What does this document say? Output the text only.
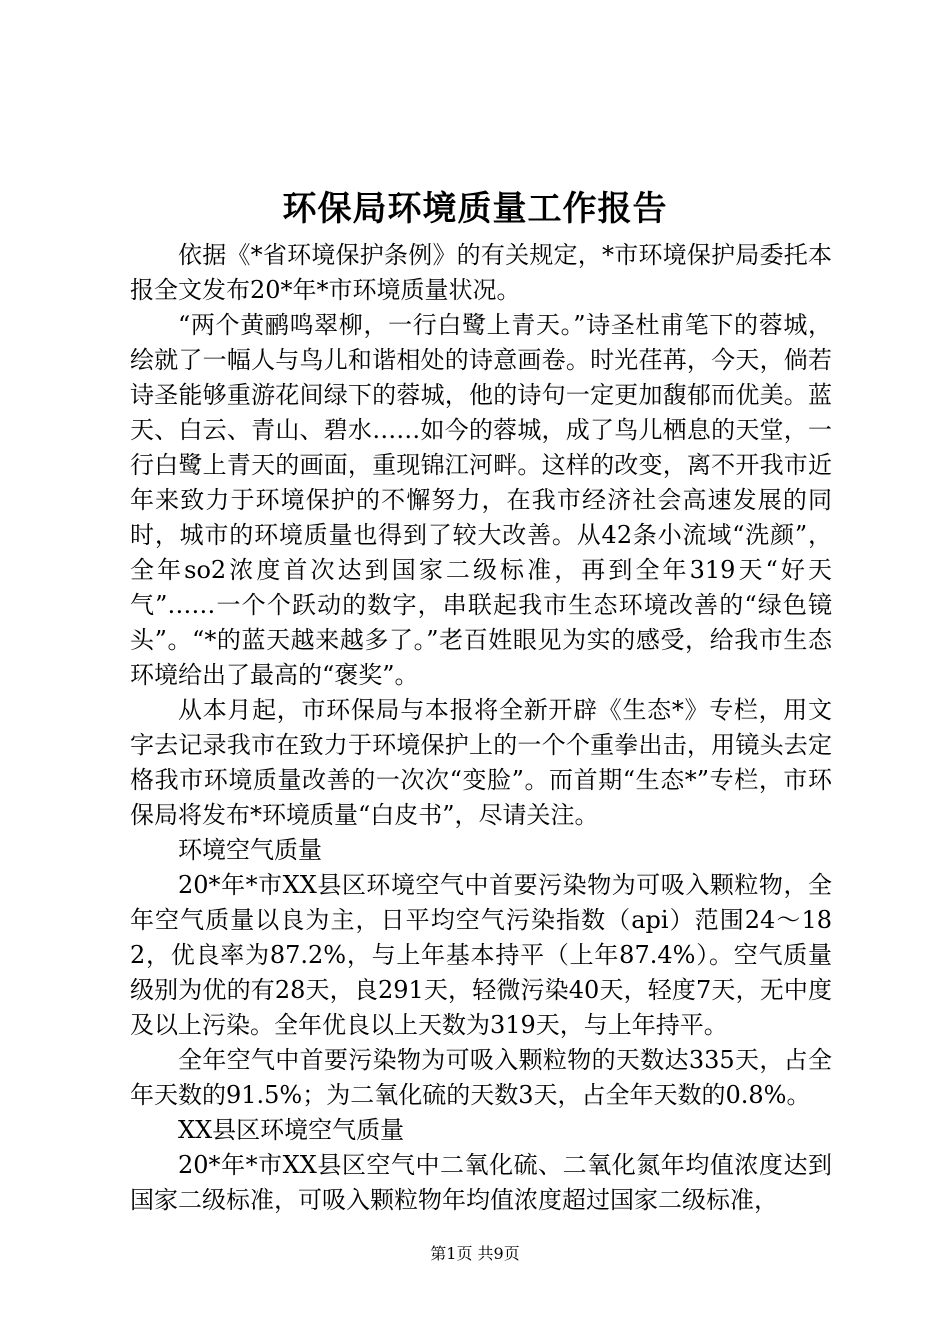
环保局环境质量工作报告

依据《*省环境保护条例》的有关规定，*市环境保护局委托本报全文发布20*年*市环境质量状况。

“两个黄鹂鸣翠柳，一行白鹭上青天。”诗圣杜甫笔下的蓉城，绘就了一幅人与鸟儿和谐相处的诗意画卷。时光荏苒，今天，倘若诗圣能够重游花间绿下的蓉城，他的诗句一定更加馥郁而优美。蓝天、白云、青山、碧水……如今的蓉城，成了鸟儿栖息的天堂，一行白鹭上青天的画面，重现锦江河畔。这样的改变，离不开我市近年来致力于环境保护的不懈努力，在我市经济社会高速发展的同时，城市的环境质量也得到了较大改善。从42条小流域“洗颜”，全年so2浓度首次达到国家二级标准，再到全年319天“好天气”……一个个跃动的数字，串联起我市生态环境改善的“绿色镜头”。“*的蓝天越来越多了。”老百姓眼见为实的感受，给我市生态环境给出了最高的“褒奖”。

从本月起，市环保局与本报将全新开辟《生态*》专栏，用文字去记录我市在致力于环境保护上的一个个重拳出击，用镜头去定格我市环境质量改善的一次次“变脸”。而首期“生态*”专栏，市环保局将发布*环境质量“白皮书”，尽请关注。

环境空气质量

20*年*市XX县区环境空气中首要污染物为可吸入颗粒物，全年空气质量以良为主，日平均空气污染指数（api）范围24～182，优良率为87.2%，与上年基本持平（上年87.4%）。空气质量级别为优的有28天，良291天，轻微污染40天，轻度7天，无中度及以上污染。全年优良以上天数为319天，与上年持平。

全年空气中首要污染物为可吸入颗粒物的天数达335天，占全年天数的91.5%；为二氧化硫的天数3天，占全年天数的0.8%。

XX县区环境空气质量

20*年*市XX县区空气中二氧化硫、二氧化氮年均值浓度达到国家二级标准，可吸入颗粒物年均值浓度超过国家二级标准，

第1页 共9页
